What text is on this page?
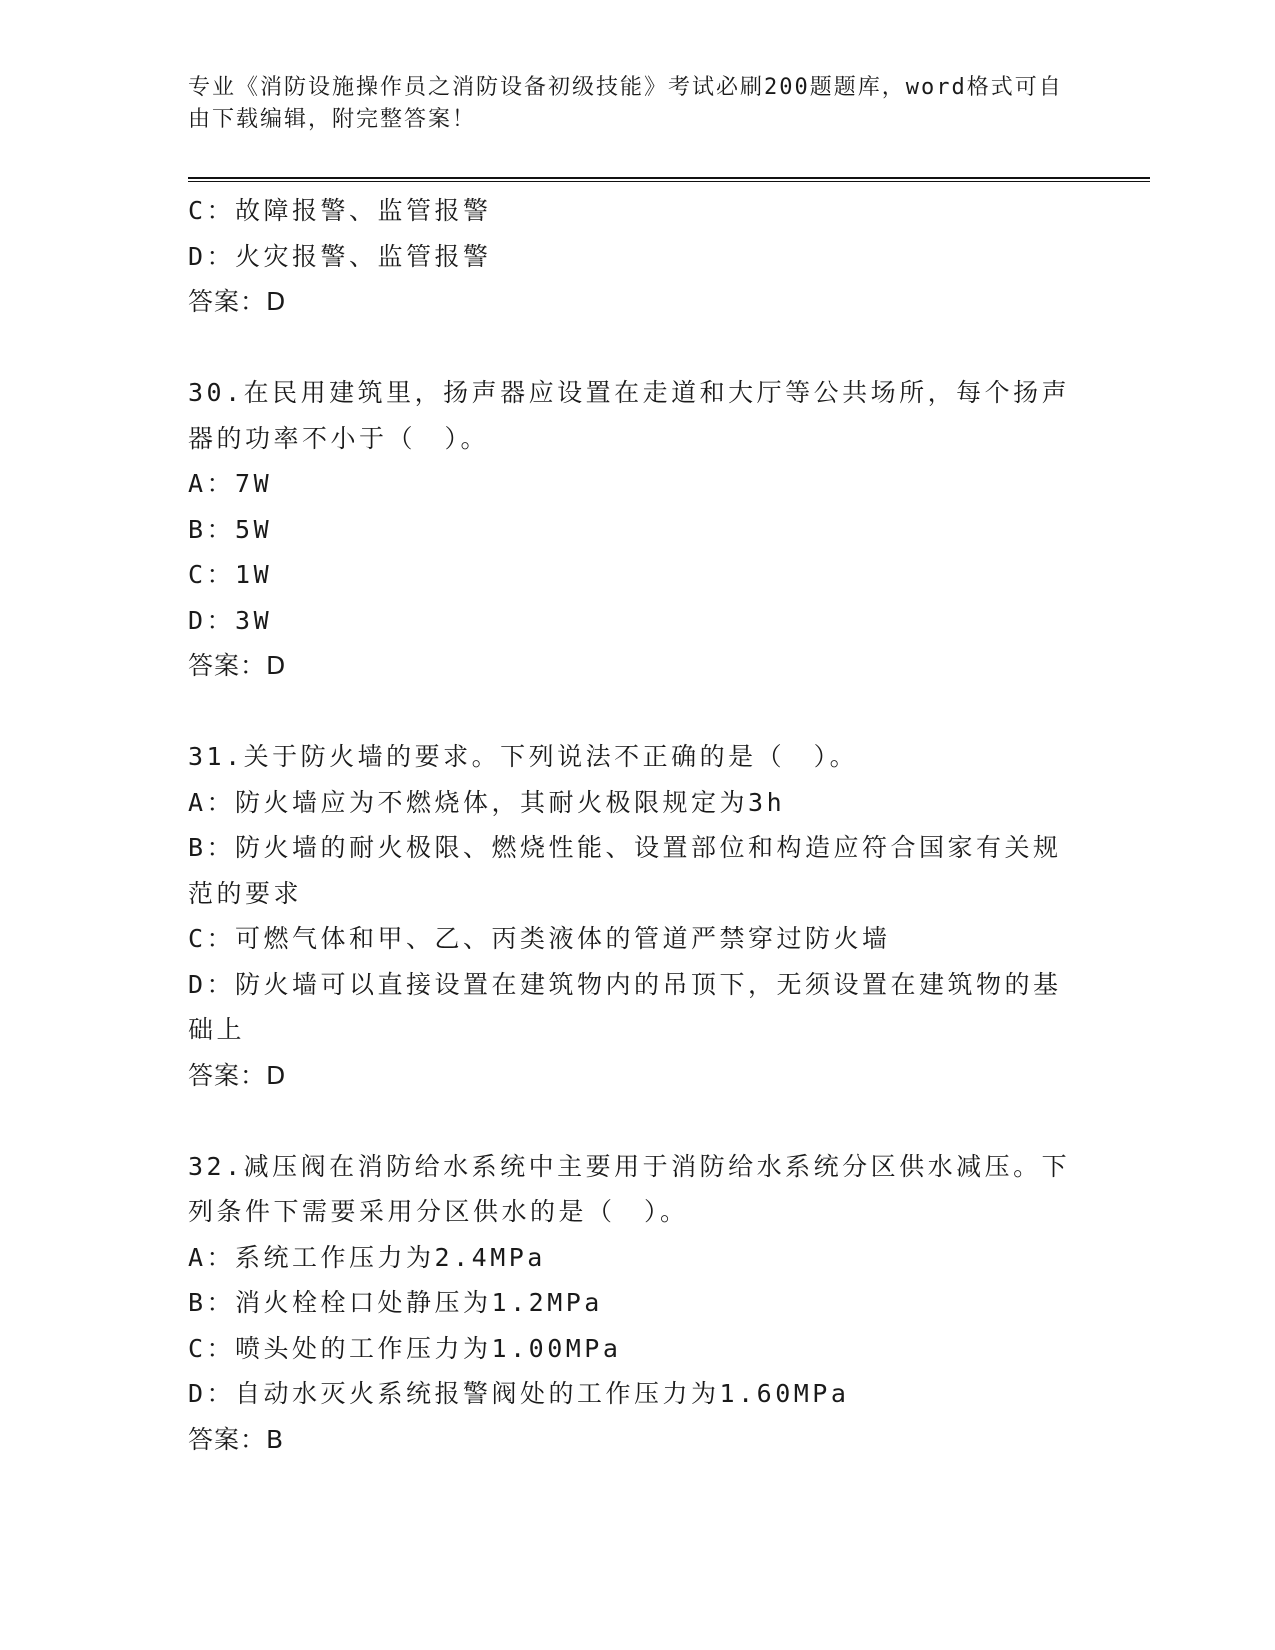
专业《消防设施操作员之消防设备初级技能》考试必刷200题题库，word格式可自由下载编辑，附完整答案！
C：故障报警、监管报警
D：火灾报警、监管报警
答案：D
30.在民用建筑里，扬声器应设置在走道和大厅等公共场所，每个扬声器的功率不小于（　）。
A：7W
B：5W
C：1W
D：3W
答案：D
31.关于防火墙的要求。下列说法不正确的是（　）。
A：防火墙应为不燃烧体，其耐火极限规定为3h
B：防火墙的耐火极限、燃烧性能、设置部位和构造应符合国家有关规范的要求
C：可燃气体和甲、乙、丙类液体的管道严禁穿过防火墙
D：防火墙可以直接设置在建筑物内的吊顶下，无须设置在建筑物的基础上
答案：D
32.减压阀在消防给水系统中主要用于消防给水系统分区供水减压。下列条件下需要采用分区供水的是（　）。
A：系统工作压力为2.4MPa
B：消火栓栓口处静压为1.2MPa
C：喷头处的工作压力为1.00MPa
D：自动水灭火系统报警阀处的工作压力为1.60MPa
答案：B
